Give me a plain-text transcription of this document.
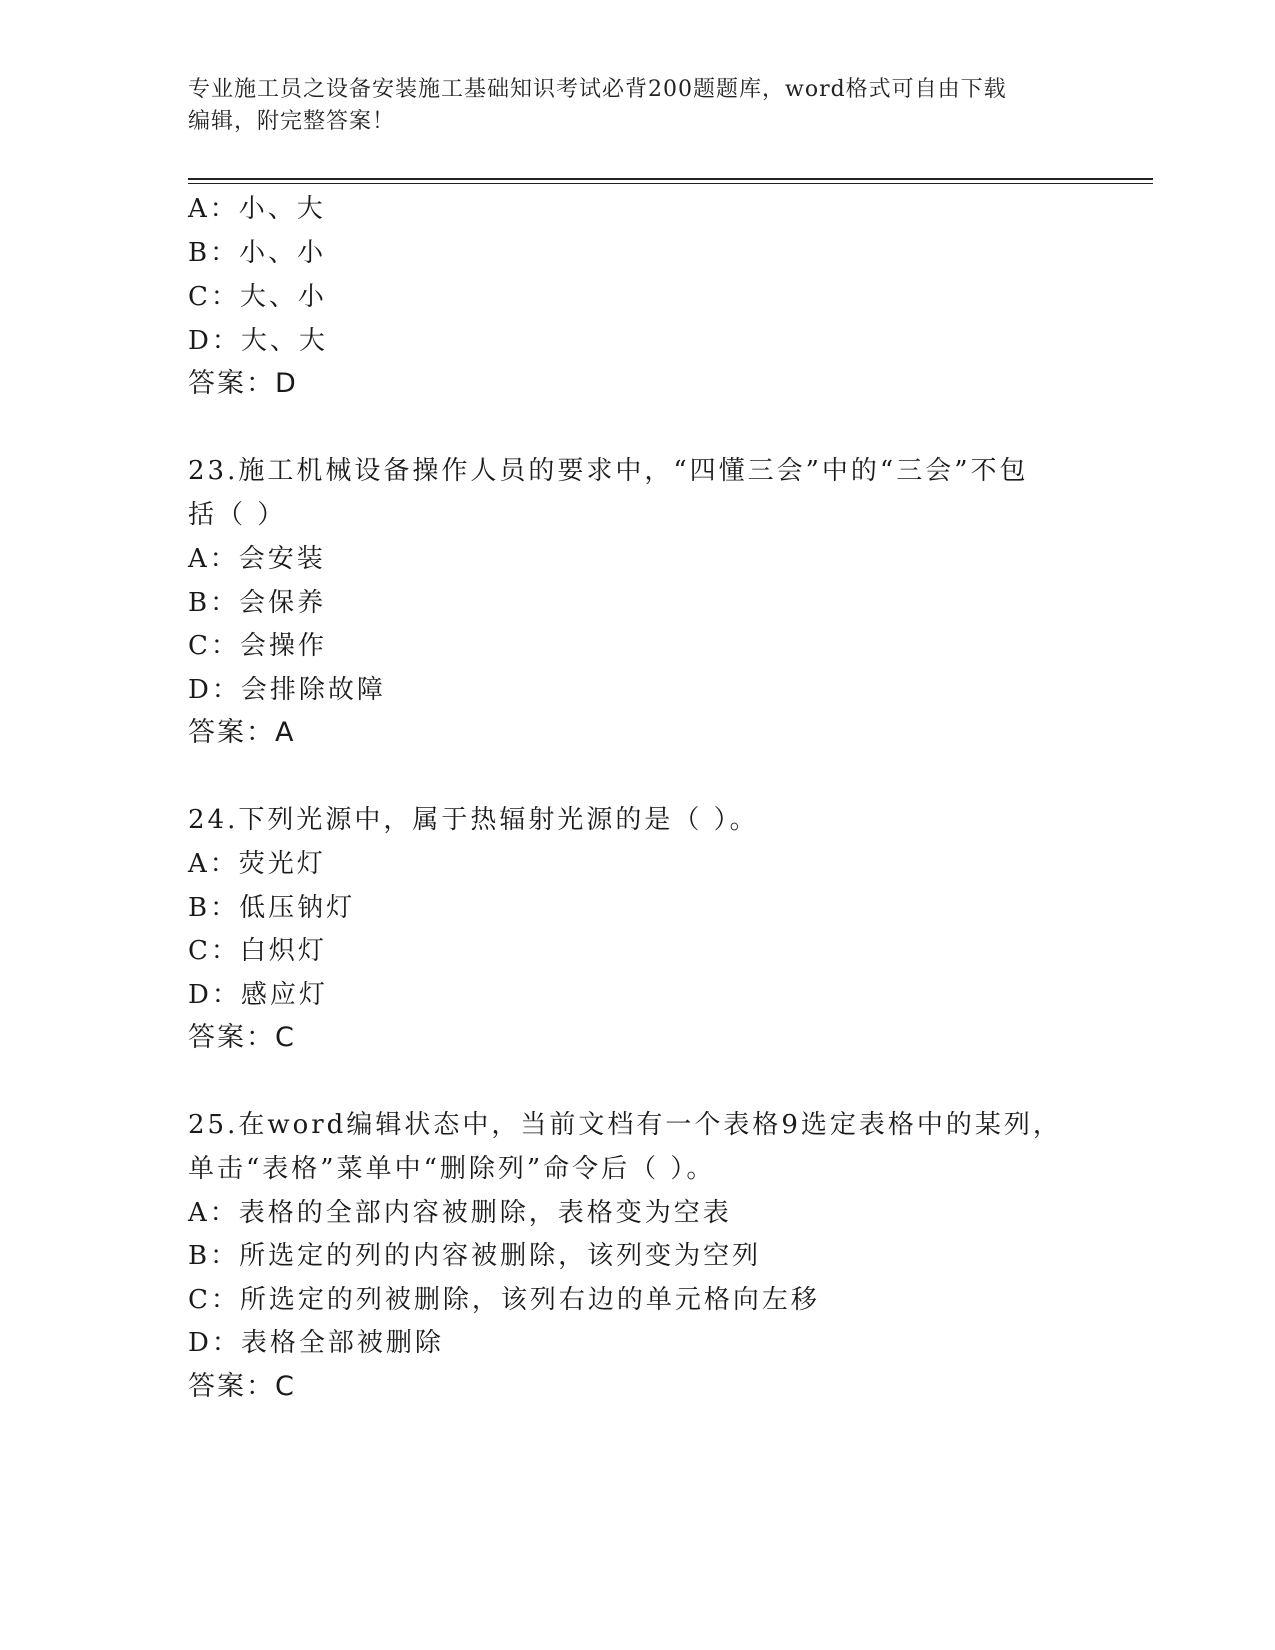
专业施工员之设备安装施工基础知识考试必背200题题库，word格式可自由下载
编辑，附完整答案！
A：小、大
B：小、小
C：大、小
D：大、大
答案：D
23.施工机械设备操作人员的要求中，“四懂三会”中的“三会”不包
括（ ）
A：会安装
B：会保养
C：会操作
D：会排除故障
答案：A
24.下列光源中，属于热辐射光源的是（ ）。
A：荧光灯
B：低压钠灯
C：白炽灯
D：感应灯
答案：C
25.在word编辑状态中，当前文档有一个表格9选定表格中的某列，
单击“表格”菜单中“删除列”命令后（ ）。
A：表格的全部内容被删除，表格变为空表
B：所选定的列的内容被删除，该列变为空列
C：所选定的列被删除，该列右边的单元格向左移
D：表格全部被删除
答案：C
